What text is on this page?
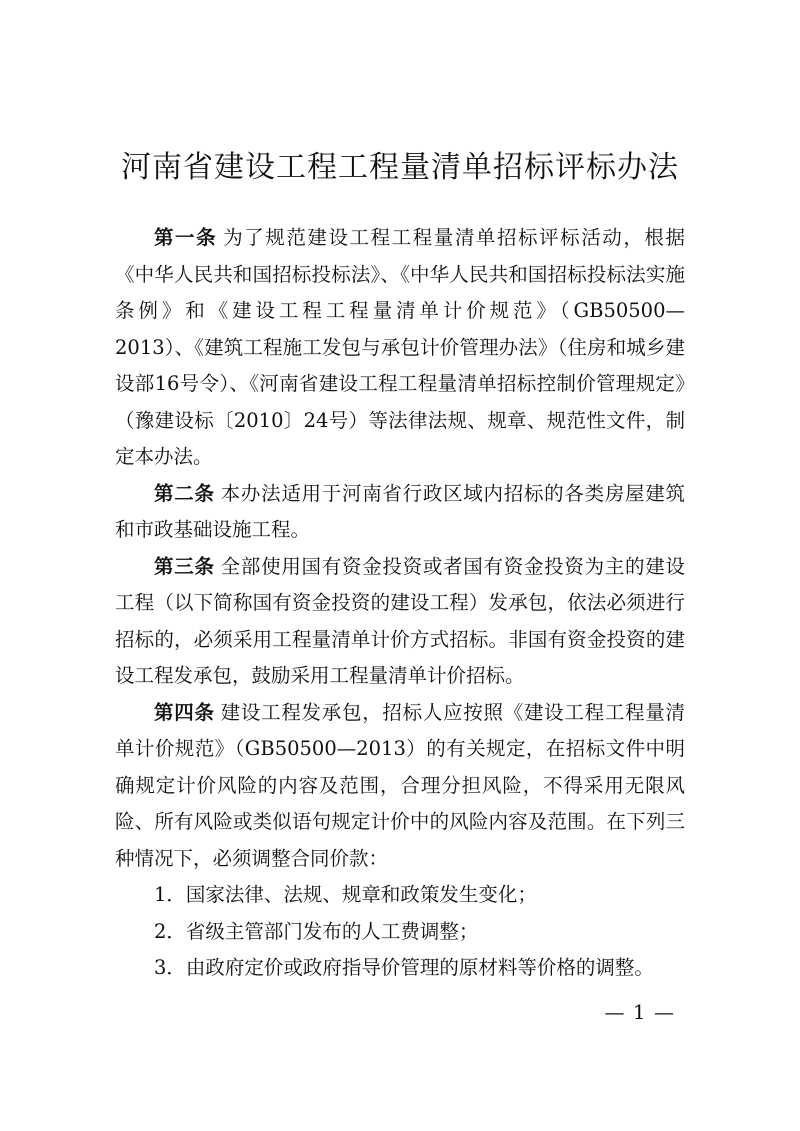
河南省建设工程工程量清单招标评标办法

第一条 为了规范建设工程工程量清单招标评标活动，根据《中华人民共和国招标投标法》、《中华人民共和国招标投标法实施条例》和《建设工程工程量清单计价规范》（GB50500—2013）、《建筑工程施工发包与承包计价管理办法》（住房和城乡建设部16号令）、《河南省建设工程工程量清单招标控制价管理规定》（豫建设标〔2010〕24号）等法律法规、规章、规范性文件，制定本办法。

第二条 本办法适用于河南省行政区域内招标的各类房屋建筑和市政基础设施工程。

第三条 全部使用国有资金投资或者国有资金投资为主的建设工程（以下简称国有资金投资的建设工程）发承包，依法必须进行招标的，必须采用工程量清单计价方式招标。非国有资金投资的建设工程发承包，鼓励采用工程量清单计价招标。

第四条 建设工程发承包，招标人应按照《建设工程工程量清单计价规范》（GB50500—2013）的有关规定，在招标文件中明确规定计价风险的内容及范围，合理分担风险，不得采用无限风险、所有风险或类似语句规定计价中的风险内容及范围。在下列三种情况下，必须调整合同价款：

1．国家法律、法规、规章和政策发生变化；

2．省级主管部门发布的人工费调整；

3．由政府定价或政府指导价管理的原材料等价格的调整。

— 1 —
